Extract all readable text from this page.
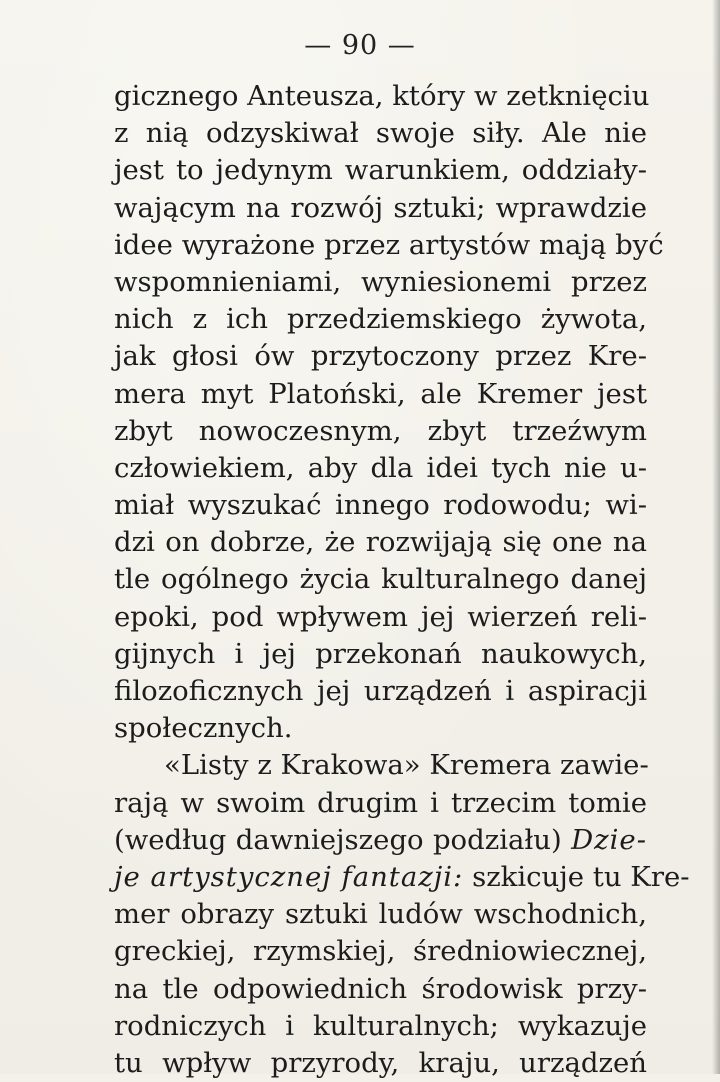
— 90 —
gicznego Anteusza, który w zetknięciu
z nią odzyskiwał swoje siły. Ale nie
jest to jedynym warunkiem, oddziały-
wającym na rozwój sztuki; wprawdzie
idee wyrażone przez artystów mają być
wspomnieniami, wyniesionemi przez
nich z ich przedziemskiego żywota,
jak głosi ów przytoczony przez Kre-
mera myt Platoński, ale Kremer jest
zbyt nowoczesnym, zbyt trzeźwym
człowiekiem, aby dla idei tych nie u-
miał wyszukać innego rodowodu; wi-
dzi on dobrze, że rozwijają się one na
tle ogólnego życia kulturalnego danej
epoki, pod wpływem jej wierzeń reli-
gijnych i jej przekonań naukowych,
filozoficznych jej urządzeń i aspiracji
społecznych.
«Listy z Krakowa» Kremera zawie-
rają w swoim drugim i trzecim tomie
(według dawniejszego podziału) Dzie-
je artystycznej fantazji: szkicuje tu Kre-
mer obrazy sztuki ludów wschodnich,
greckiej, rzymskiej, średniowiecznej,
na tle odpowiednich środowisk przy-
rodniczych i kulturalnych; wykazuje
tu wpływ przyrody, kraju, urządzeń
